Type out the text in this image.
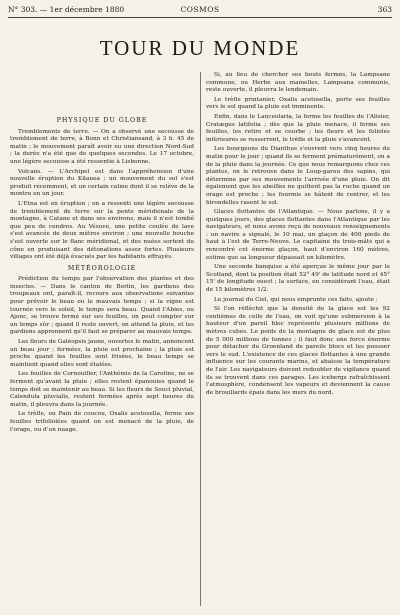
N° 303. — 1er décembre 1880	COSMOS	363
TOUR DU MONDE
PHYSIQUE DU GLOBE

Tremblements de terre. — On a observé une secousse de tremblement de terre, à Bonn et Christiansand, à 3 h. 45 de matin ; le mouvement paraît avoir eu une direction Nord-Sud ; la durée n'a été que de quelques secondes. Le 17 octobre, une légère secousse a été ressentie à Lisbonne.

Volcans. — L'Archipel est dans l'appréhension d'une nouvelle éruption du Kilauea ; un mouvement du sol s'est produit récemment, et un certain calme dont il se relève de la montre en un jour.

L'Etna est en éruption ; on a ressenti une légère secousse de tremblement de terre sur la pente méridionale de la montagne, à Catane et dans ses environs, mais il n'est tombé que peu de cendres. Au Vésuve, une petite coulée de lave s'est avancée de deux mètres environ ; une nouvelle bouche s'est ouverte sur le flanc méridional, et des nuées sortent du cône en produisant des détonations assez fortes. Plusieurs villages ont été déjà évacués par les habitants effrayés.

MÉTÉOROLOGIE

Prédiction du temps par l'observation des plantes et des insectes. — Dans le canton de Berlin, les gardiens des troupeaux ont, paraît-il, recours aux observations suivantes pour prévoir le beau ou le mauvais temps ; si la vigne est tournée vers le soleil, le temps sera beau. Quand l'Abies, ou Ajonc, se trouve fermé sur ses feuilles, on peut compter sur un temps sûr ; quand il reste ouvert, on attend la pluie, et les gardiens apprennent qu'il faut se préparer au mauvais temps.

Les fleurs de Galéopsis jaune, ouvertes le matin, annoncent un beau jour ; fermées, la pluie est prochaine ; la pluie est proche quand les feuilles sont frisées, le beau temps se maintient quand elles sont étalées.

Les feuilles de Cornouiller, l'Anthémis de la Caroline, ne se ferment qu'avant la pluie ; elles restent épanouies quand le temps doit se maintenir au beau. Si les fleurs de Souci pluvial, Calendula pluvialis, restent fermées après sept heures du matin, il pleuvra dans la journée.

Le trèfle, ou Pain de coucou, Oxalis acetosella, ferme ses feuilles trifoliolées quand on est menacé de la pluie, de l'orage, ou d'un nuage.

Si, au lieu de chercher ses bouts fermés, la Lampsane commune, ou Herbe aux mamelles, Lampsana communis, reste ouverte, il pleuvra le lendemain.

Le trèfle printanier, Oxalis acetosella, porte ses feuilles vers le sol quand la pluie est imminente.

Enfin, dans le Lanceolaria, la ferme les feuilles de l'Alisier, Cratægus latifolia ; dès que la pluie menace, il ferme ses feuilles, les retire et se courbe ; les fleurs et les folioles inférieures se resserrent, le trèfle et la pluie s'avancent.

Les bourgeons du Dianthus s'ouvrent vers cinq heures du matin pour le jour ; quand ils se ferment prématurément, on a de la pluie dans la journée. Ce que nous remarquons chez ces plantes, on le retrouve dans le Loup-garou des sapins, qui détermine par ses mouvements l'arrivée d'une pluie. On dit également que les abeilles ne quittent pas la ruche quand un orage est proche ; les fourmis se hâtent de rentrer, et les hirondelles rasent le sol.

Glaces flottantes de l'Atlantique. — Nous parlons, il y a quelques jours, des glaces flottantes dans l'Atlantique par les navigateurs, et nous avons reçu de nouveaux renseignements : un navire a signalé, le 10 mai, un glaçon de 400 pieds de haut à l'est de Terre-Neuve. Le capitaine du trois-mâts qui a rencontré cet énorme glaçon, haut d'environ 160 mètres, estime que sa longueur dépassait un kilomètre.

Une seconde banquise a été aperçue le même jour par le Scotland, dont la position était 52° 49' de latitude nord et 45° 15' de longitude ouest ; la surface, en considérant l'eau, était de 15 kilomètres 1/2.

Le journal du Ciel, qui nous emprunte ces faits, ajoute :

Si l'on réfléchit que la densité de la glace est les 92 centièmes de celle de l'eau, on voit qu'une submersion à la hauteur d'un pareil bloc représente plusieurs millions de mètres cubes. Le poids de la montagne de glace est de plus de 5 000 millions de tonnes ; il faut donc une force énorme pour détacher du Groenland de pareils blocs et les pousser vers le sud. L'existence de ces glaces flottantes à une grande influence sur les courants marins, et abaisse la température de l'air. Les navigateurs doivent redoubler de vigilance quand ils se trouvent dans ces parages. Les icebergs rafraîchissent l'atmosphère, condensent les vapeurs et deviennent la cause de brouillards épais dans les mers du nord.
